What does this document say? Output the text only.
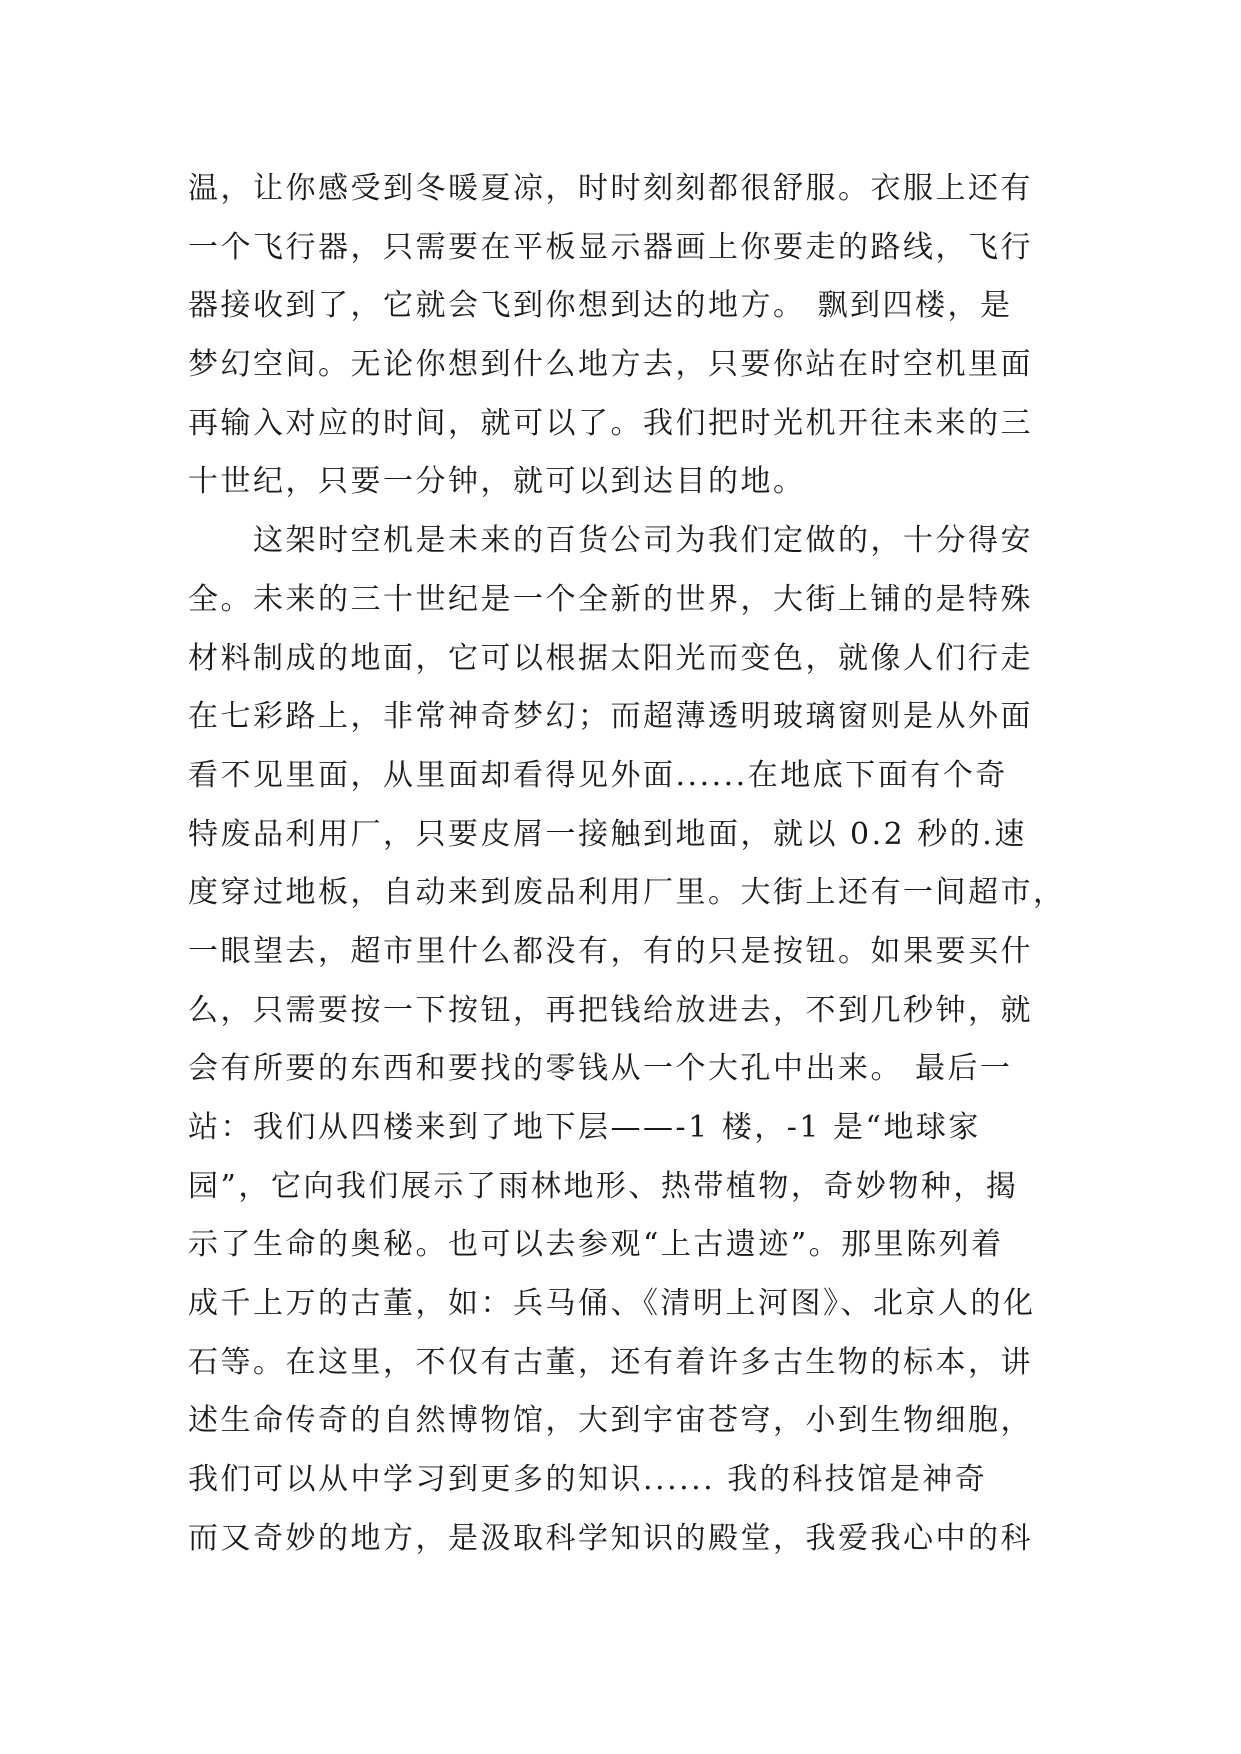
温，让你感受到冬暖夏凉，时时刻刻都很舒服。衣服上还有
一个飞行器，只需要在平板显示器画上你要走的路线，飞行
器接收到了，它就会飞到你想到达的地方。 飘到四楼，是
梦幻空间。无论你想到什么地方去，只要你站在时空机里面
再输入对应的时间，就可以了。我们把时光机开往未来的三
十世纪，只要一分钟，就可以到达目的地。
　　这架时空机是未来的百货公司为我们定做的，十分得安
全。未来的三十世纪是一个全新的世界，大街上铺的是特殊
材料制成的地面，它可以根据太阳光而变色，就像人们行走
在七彩路上，非常神奇梦幻；而超薄透明玻璃窗则是从外面
看不见里面，从里面却看得见外面......在地底下面有个奇
特废品利用厂，只要皮屑一接触到地面，就以 0.2 秒的.速
度穿过地板，自动来到废品利用厂里。大街上还有一间超市，
一眼望去，超市里什么都没有，有的只是按钮。如果要买什
么，只需要按一下按钮，再把钱给放进去，不到几秒钟，就
会有所要的东西和要找的零钱从一个大孔中出来。 最后一
站：我们从四楼来到了地下层——-1 楼，-1 是“地球家
园”，它向我们展示了雨林地形、热带植物，奇妙物种，揭
示了生命的奥秘。也可以去参观“上古遗迹”。那里陈列着
成千上万的古董，如：兵马俑、《清明上河图》、北京人的化
石等。在这里，不仅有古董，还有着许多古生物的标本，讲
述生命传奇的自然博物馆，大到宇宙苍穹，小到生物细胞，
我们可以从中学习到更多的知识...... 我的科技馆是神奇
而又奇妙的地方，是汲取科学知识的殿堂，我爱我心中的科
